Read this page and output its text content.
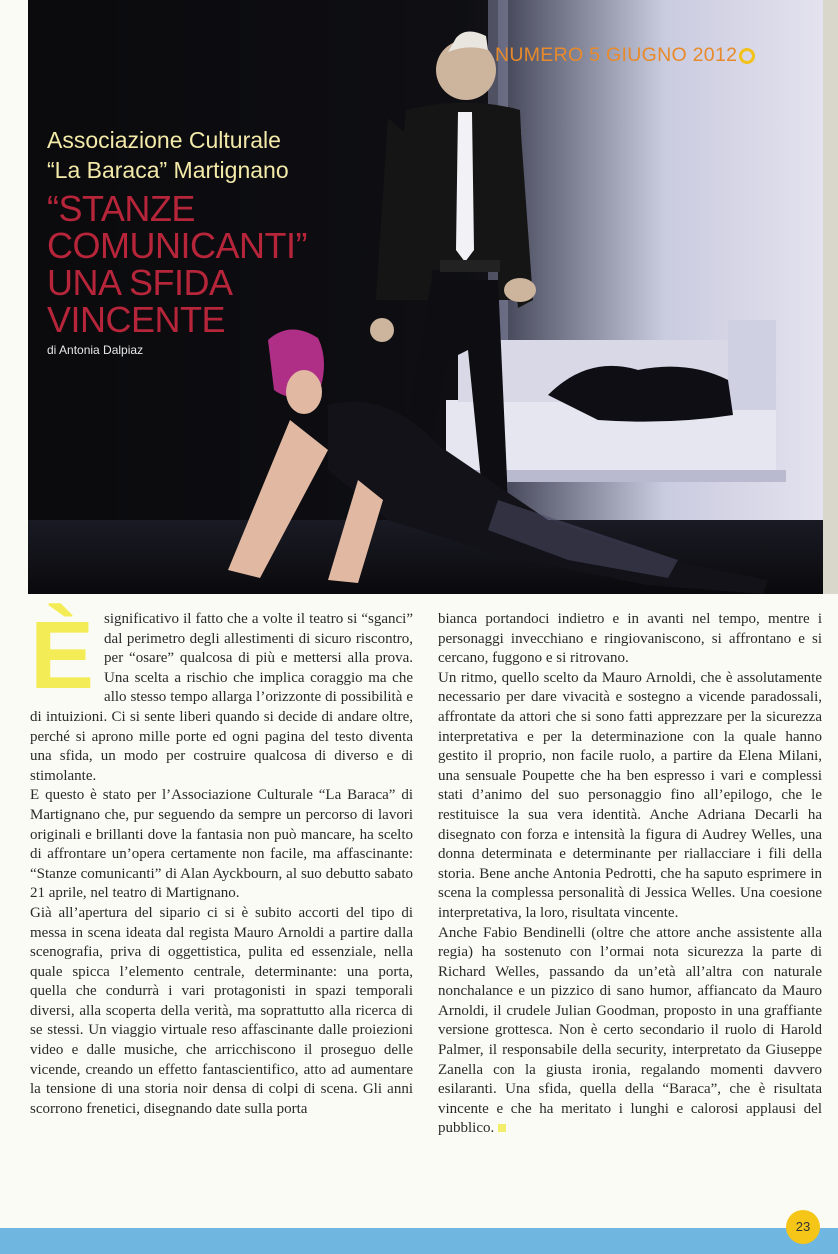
NUMERO 5 GIUGNO 2012
Associazione Culturale
“La Baraca” Martignano
“STANZE
COMUNICANTI”
UNA SFIDA
VINCENTE
di Antonia Dalpiaz
È significativo il fatto che a volte il teatro si “sganci” dal perimetro degli allestimenti di sicuro riscontro, per “osare” qualcosa di più e mettersi alla prova. Una scelta a rischio che implica coraggio ma che allo stesso tempo allarga l’orizzonte di possibilità e di intuizioni. Ci si sente liberi quando si decide di andare oltre, perché si aprono mille porte ed ogni pagina del testo diventa una sfida, un modo per costruire qualcosa di diverso e di stimolante.

E questo è stato per l’Associazione Culturale “La Baraca” di Martignano che, pur seguendo da sempre un percorso di lavori originali e brillanti dove la fantasia non può mancare, ha scelto di affrontare un’opera certamente non facile, ma affascinante: “Stanze comunicanti” di Alan Ayckbourn, al suo debutto sabato 21 aprile, nel teatro di Martignano.

Già all’apertura del sipario ci si è subito accorti del tipo di messa in scena ideata dal regista Mauro Arnoldi a partire dalla scenografia, priva di oggettistica, pulita ed essenziale, nella quale spicca l’elemento centrale, determinante: una porta, quella che condurrà i vari protagonisti in spazi temporali diversi, alla scoperta della verità, ma soprattutto alla ricerca di se stessi. Un viaggio virtuale reso affascinante dalle proiezioni video e dalle musiche, che arricchiscono il proseguo delle vicende, creando un effetto fantascientifico, atto ad aumentare la tensione di una storia noir densa di colpi di scena. Gli anni scorrono frenetici, disegnando date sulla porta

bianca portandoci indietro e in avanti nel tempo, mentre i personaggi invecchiano e ringiovaniscono, si affrontano e si cercano, fuggono e si ritrovano.

Un ritmo, quello scelto da Mauro Arnoldi, che è assolutamente necessario per dare vivacità e sostegno a vicende paradossali, affrontate da attori che si sono fatti apprezzare per la sicurezza interpretativa e per la determinazione con la quale hanno gestito il proprio, non facile ruolo, a partire da Elena Milani, una sensuale Poupette che ha ben espresso i vari e complessi stati d’animo del suo personaggio fino all’epilogo, che le restituisce la sua vera identità. Anche Adriana Decarli ha disegnato con forza e intensità la figura di Audrey Welles, una donna determinata e determinante per riallacciare i fili della storia. Bene anche Antonia Pedrotti, che ha saputo esprimere in scena la complessa personalità di Jessica Welles. Una coesione interpretativa, la loro, risultata vincente.

Anche Fabio Bendinelli (oltre che attore anche assistente alla regia) ha sostenuto con l’ormai nota sicurezza la parte di Richard Welles, passando da un’età all’altra con naturale nonchalance e un pizzico di sano humor, affiancato da Mauro Arnoldi, il crudele Julian Goodman, proposto in una graffiante versione grottesca. Non è certo secondario il ruolo di Harold Palmer, il responsabile della security, interpretato da Giuseppe Zanella con la giusta ironia, regalando momenti davvero esilaranti. Una sfida, quella della “Baraca”, che è risultata vincente e che ha meritato i lunghi e calorosi applausi del pubblico.

23
